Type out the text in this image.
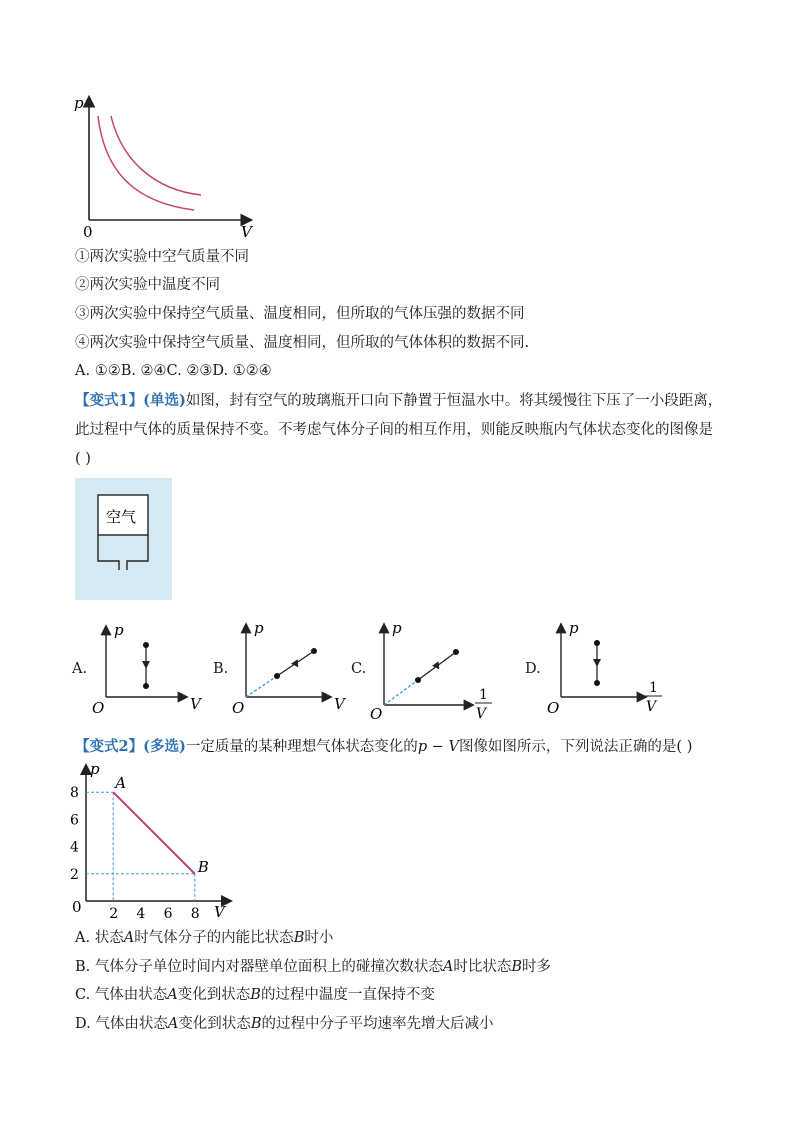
p
V
0
①两次实验中空气质量不同
②两次实验中温度不同
③两次实验中保持空气质量、温度相同，但所取的气体压强的数据不同
④两次实验中保持空气质量、温度相同，但所取的气体体积的数据不同.
A. ①②B. ②④C. ②③D. ①②④
【变式1】(单选)如图，封有空气的玻璃瓶开口向下静置于恒温水中。将其缓慢往下压了一小段距离，
此过程中气体的质量保持不变。不考虑气体分子间的相互作用，则能反映瓶内气体状态变化的图像是
( )
空气
A.
p
V
O
B.
p
V
O
C.
p
1
V
O
D.
p
1
V
O
【变式2】(多选)一定质量的某种理想气体状态变化的p − V图像如图所示，下列说法正确的是( )
2
4
6
8
2 4 6 8
p
V
0
A
B
A. 状态A时气体分子的内能比状态B时小
B. 气体分子单位时间内对器壁单位面积上的碰撞次数状态A时比状态B时多
C. 气体由状态A变化到状态B的过程中温度一直保持不变
D. 气体由状态A变化到状态B的过程中分子平均速率先增大后减小
